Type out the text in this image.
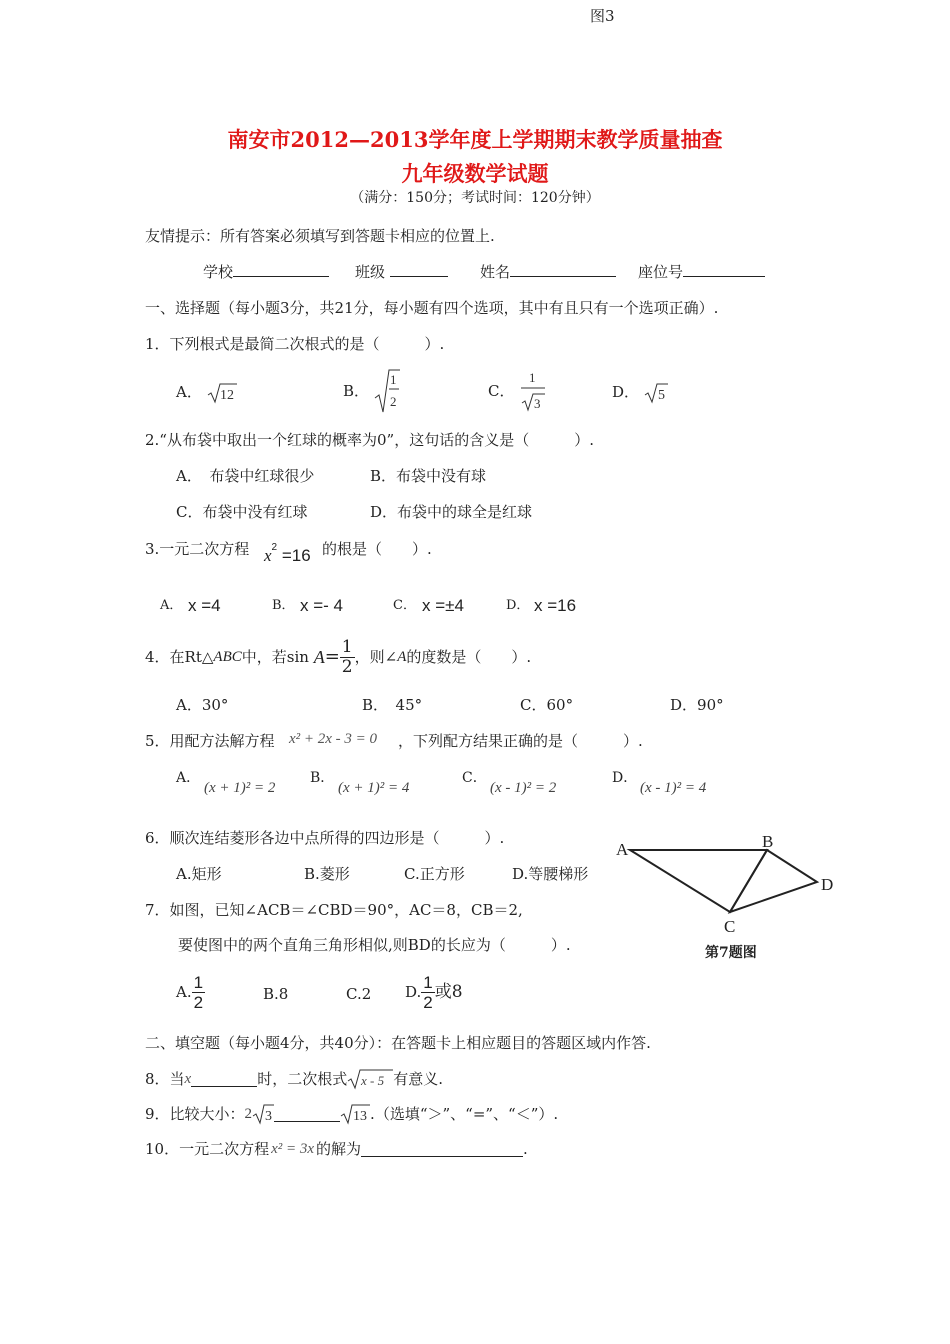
图3
南安市2012—2013学年度上学期期末教学质量抽查
九年级数学试题
（满分：150分；考试时间：120分钟）
友情提示：所有答案必须填写到答题卡相应的位置上.
学校	班级	姓名	座位号
一、选择题（每小题3分，共21分，每小题有四个选项，其中有且只有一个选项正确）.
1．下列根式是最简二次根式的是（　　　）.
A． 12	B．
1
2
C．
1
3
D． 5
2.“从布袋中取出一个红球的概率为0”，这句话的含义是（　　　）.
A．　布袋中红球很少	B．布袋中没有球
C．布袋中没有红球	D．布袋中的球全是红球
3.一元二次方程 $x^2 =16$ 的根是（　　）.
A． x =4	B． x =- 4	C． x =±4	D． x =16
4．在Rt△ ABC 中，若sin
$A = \frac{1}{2}$ ，则∠ A 的度数是（　　）.
A．30°	B．　45°	C．60°	D．90°
5．用配方法解方程 x² + 2x - 3 = 0 ，下列配方结果正确的是（　　　）.
A．
(x + 1)² = 2
B．
(x + 1)² = 4
C．
(x - 1)² = 2
D．
(x - 1)² = 4
6．顺次连结菱形各边中点所得的四边形是（　　　）.
A.矩形	B.菱形	C.正方形	D.等腰梯形
A	B
C
D
第7题图
7．如图，已知∠ACB＝∠CBD＝90°，AC＝8，CB＝2,
要使图中的两个直角三角形相似,则BD的长应为（　　　）.
A. $\frac{1}{2}$	B.8	C.2 D. $\frac{1}{2}$ 或8
二、填空题（每小题4分，共40分）：在答题卡上相应题目的答题区域内作答.
8．当 x	时，二次根式 x - 5 有意义.
9．比较大小： 2 3	13 .（选填“＞”、“=”、“＜”）.
10．一元二次方程 x² = 3x 的解为	.
